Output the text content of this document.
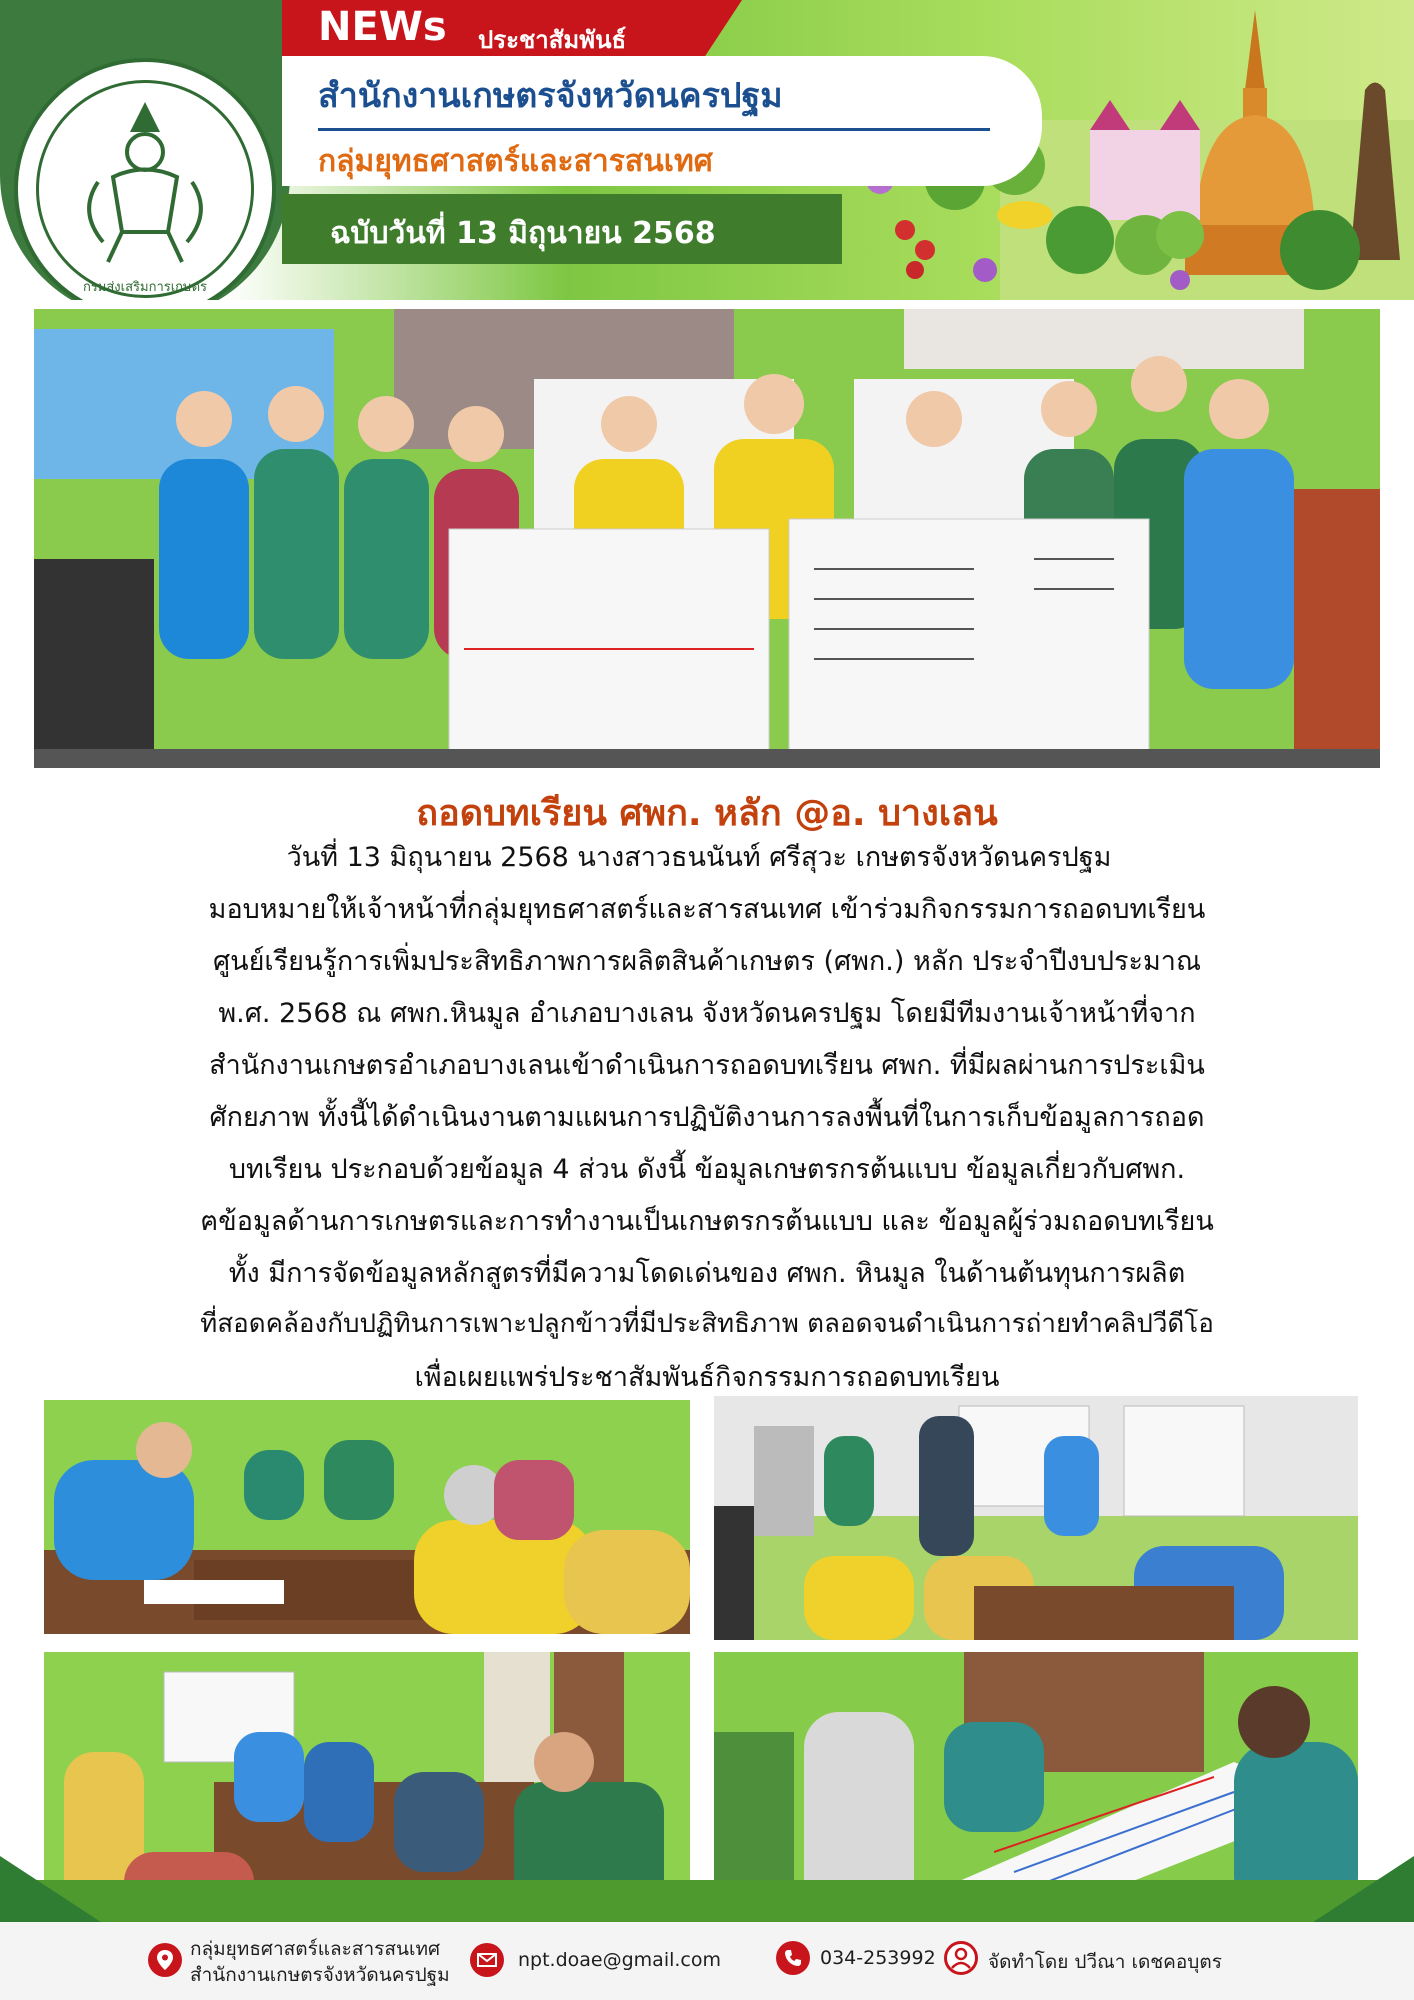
กรมส่งเสริมการเกษตร
NEWs ประชาสัมพันธ์
สำนักงานเกษตรจังหวัดนครปฐม
กลุ่มยุทธศาสตร์และสารสนเทศ
ฉบับวันที่ 13 มิถุนายน 2568
ถอดบทเรียน ศพก. หลัก @อ. บางเลน
วันที่ 13 มิถุนายน 2568 นางสาวธนนันท์ ศรีสุวะ เกษตรจังหวัดนครปฐม
มอบหมายให้เจ้าหน้าที่กลุ่มยุทธศาสตร์และสารสนเทศ เข้าร่วมกิจกรรมการถอดบทเรียน
ศูนย์เรียนรู้การเพิ่มประสิทธิภาพการผลิตสินค้าเกษตร (ศพก.) หลัก ประจำปีงบประมาณ
พ.ศ. 2568 ณ ศพก.หินมูล อำเภอบางเลน จังหวัดนครปฐม โดยมีทีมงานเจ้าหน้าที่จาก
สำนักงานเกษตรอำเภอบางเลนเข้าดำเนินการถอดบทเรียน ศพก. ที่มีผลผ่านการประเมิน
ศักยภาพ ทั้งนี้ได้ดำเนินงานตามแผนการปฏิบัติงานการลงพื้นที่ในการเก็บข้อมูลการถอด
บทเรียน ประกอบด้วยข้อมูล 4 ส่วน ดังนี้ ข้อมูลเกษตรกรต้นแบบ ข้อมูลเกี่ยวกับศพก.
ฅข้อมูลด้านการเกษตรและการทำงานเป็นเกษตรกรต้นแบบ และ ข้อมูลผู้ร่วมถอดบทเรียน
ทั้ง มีการจัดข้อมูลหลักสูตรที่มีความโดดเด่นของ ศพก. หินมูล ในด้านต้นทุนการผลิต
ที่สอดคล้องกับปฏิทินการเพาะปลูกข้าวที่มีประสิทธิภาพ ตลอดจนดำเนินการถ่ายทำคลิปวีดีโอ
เพื่อเผยแพร่ประชาสัมพันธ์กิจกรรมการถอดบทเรียน
กลุ่มยุทธศาสตร์และสารสนเทศ
สำนักงานเกษตรจังหวัดนครปฐม
npt.doae@gmail.com	034-253992	จัดทำโดย ปวีณา เดชคอบุตร
